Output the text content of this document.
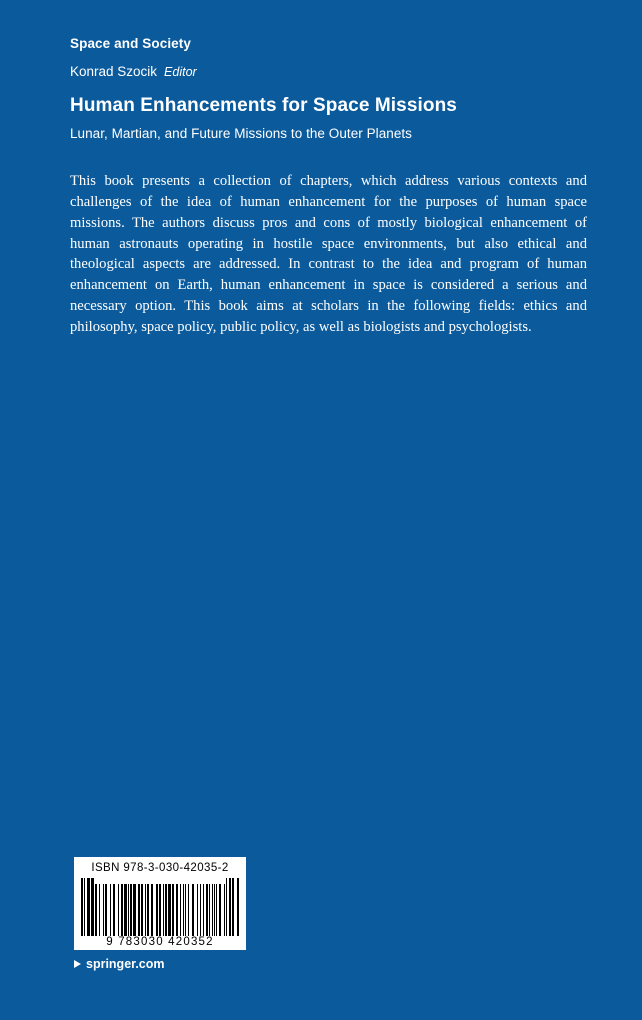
Space and Society
Konrad Szocik Editor
Human Enhancements for Space Missions
Lunar, Martian, and Future Missions to the Outer Planets
This book presents a collection of chapters, which address various contexts and challenges of the idea of human enhancement for the purposes of human space missions. The authors discuss pros and cons of mostly biological enhancement of human astronauts operating in hostile space environments, but also ethical and theological aspects are addressed. In contrast to the idea and program of human enhancement on Earth, human enhancement in space is considered a serious and necessary option. This book aims at scholars in the following fields: ethics and philosophy, space policy, public policy, as well as biologists and psychologists.
ISBN 978-3-030-42035-2
9 783030 420352
springer.com
